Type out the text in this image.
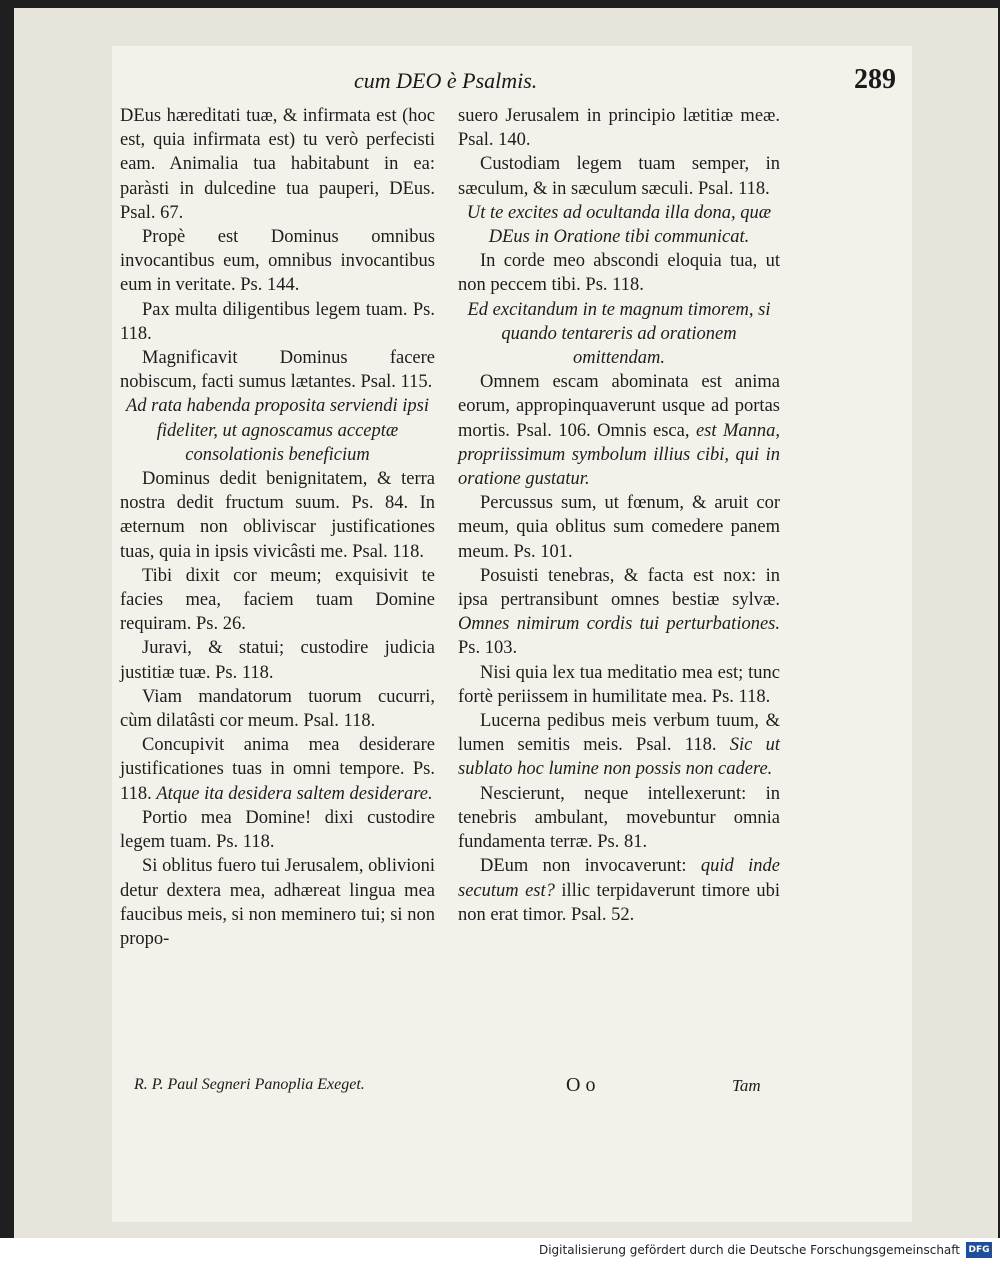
cum DEO è Psalmis.	289

DEus hæreditati tuæ, & infirmata est (hoc est, quia infirmata est) tu verò perfecisti eam. Animalia tua habitabunt in ea: paràsti in dulcedine tua pauperi, DEus. Psal. 67.

Propè est Dominus omnibus invocantibus eum, omnibus invocantibus eum in veritate. Ps. 144.

Pax multa diligentibus legem tuam. Ps. 118.

Magnificavit Dominus facere nobiscum, facti sumus lætantes. Psal. 115.

Ad rata habenda proposita serviendi ipsi fideliter, ut agnoscamus acceptæ consolationis beneficium

Dominus dedit benignitatem, & terra nostra dedit fructum suum. Ps. 84. In æternum non obliviscar justificationes tuas, quia in ipsis vivicâsti me. Psal. 118.

Tibi dixit cor meum; exquisivit te facies mea, faciem tuam Domine requiram. Ps. 26.

Juravi, & statui; custodire judicia justitiæ tuæ. Ps. 118.

Viam mandatorum tuorum cucurri, cùm dilatâsti cor meum. Psal. 118.

Concupivit anima mea desiderare justificationes tuas in omni tempore. Ps. 118. Atque ita desidera saltem desiderare.

Portio mea Domine! dixi custodire legem tuam. Ps. 118.

Si oblitus fuero tui Jerusalem, oblivioni detur dextera mea, adhæreat lingua mea faucibus meis, si non meminero tui; si non propo-

suero Jerusalem in principio lætitiæ meæ. Psal. 140.

Custodiam legem tuam semper, in sæculum, & in sæculum sæculi. Psal. 118.

Ut te excites ad ocultanda illa dona, quæ DEus in Oratione tibi communicat.

In corde meo abscondi eloquia tua, ut non peccem tibi. Ps. 118.

Ed excitandum in te magnum timorem, si quando tentareris ad orationem omittendam.

Omnem escam abominata est anima eorum, appropinquaverunt usque ad portas mortis. Psal. 106. Omnis esca, est Manna, propriissimum symbolum illius cibi, qui in oratione gustatur.

Percussus sum, ut fœnum, & aruit cor meum, quia oblitus sum comedere panem meum. Ps. 101.

Posuisti tenebras, & facta est nox: in ipsa pertransibunt omnes bestiæ sylvæ. Omnes nimirum cordis tui perturbationes. Ps. 103.

Nisi quia lex tua meditatio mea est; tunc fortè periissem in humilitate mea. Ps. 118.

Lucerna pedibus meis verbum tuum, & lumen semitis meis. Psal. 118. Sic ut sublato hoc lumine non possis non cadere.

Nescierunt, neque intellexerunt: in tenebris ambulant, movebuntur omnia fundamenta terræ. Ps. 81.

DEum non invocaverunt: quid inde secutum est? illic terpidaverunt timore ubi non erat timor. Psal. 52.

R. P. Paul Segneri Panoplia Exeget.	O o	Tam
Digitalisierung gefördert durch die Deutsche Forschungsgemeinschaft DFG
